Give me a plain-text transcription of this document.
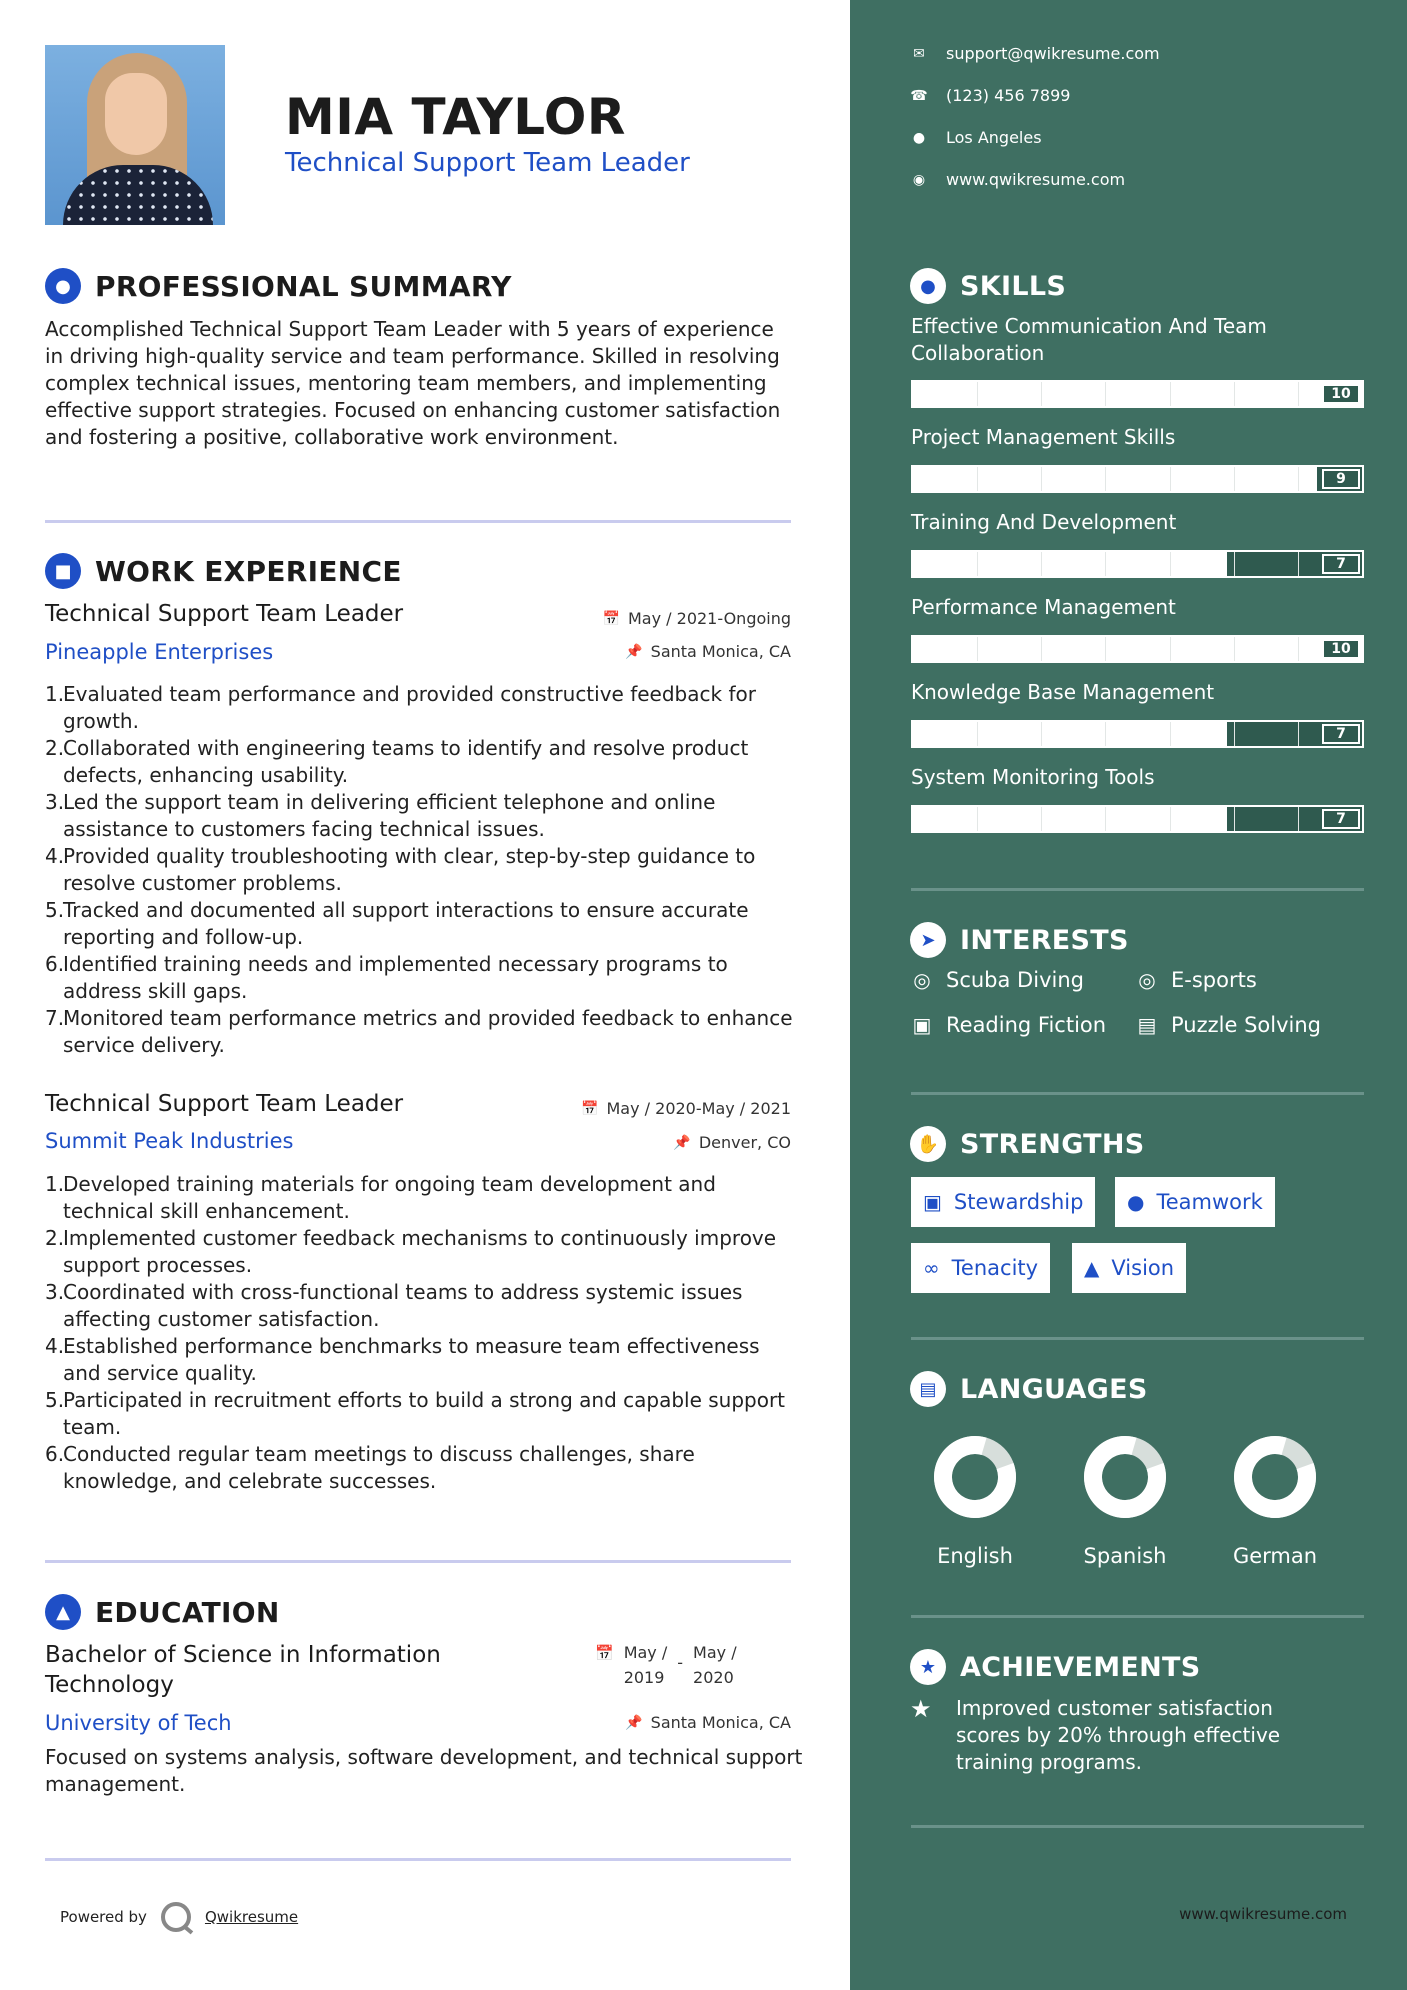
MIA TAYLOR
Technical Support Team Leader
● PROFESSIONAL SUMMARY
Accomplished Technical Support Team Leader with 5 years of experience in driving high-quality service and team performance. Skilled in resolving complex technical issues, mentoring team members, and implementing effective support strategies. Focused on enhancing customer satisfaction and fostering a positive, collaborative work environment.
■ WORK EXPERIENCE
Technical Support Team Leader	📅 May / 2021-Ongoing
Pineapple Enterprises	📌 Santa Monica, CA
Evaluated team performance and provided constructive feedback for growth.
Collaborated with engineering teams to identify and resolve product defects, enhancing usability.
Led the support team in delivering efficient telephone and online assistance to customers facing technical issues.
Provided quality troubleshooting with clear, step-by-step guidance to resolve customer problems.
Tracked and documented all support interactions to ensure accurate reporting and follow-up.
Identified training needs and implemented necessary programs to address skill gaps.
Monitored team performance metrics and provided feedback to enhance service delivery.
Technical Support Team Leader	📅 May / 2020-May / 2021
Summit Peak Industries	📌 Denver, CO
Developed training materials for ongoing team development and technical skill enhancement.
Implemented customer feedback mechanisms to continuously improve support processes.
Coordinated with cross-functional teams to address systemic issues affecting customer satisfaction.
Established performance benchmarks to measure team effectiveness and service quality.
Participated in recruitment efforts to build a strong and capable support team.
Conducted regular team meetings to discuss challenges, share knowledge, and celebrate successes.
▲ EDUCATION
Bachelor of Science in Information Technology
📅 May /
2019
-
May /
2020
University of Tech	📌 Santa Monica, CA
Focused on systems analysis, software development, and technical support management.
Powered by	Qwikresume
✉ support@qwikresume.com
☎ (123) 456 7899
● Los Angeles
◉ www.qwikresume.com
● SKILLS
Effective Communication And Team Collaboration
10
Project Management Skills
9
Training And Development
7
Performance Management
10
Knowledge Base Management
7
System Monitoring Tools
7
➤ INTERESTS
◎ Scuba Diving	◎ E-sports
▣ Reading Fiction ▤ Puzzle Solving
✋ STRENGTHS
▣ Stewardship ● Teamwork
∞ Tenacity ▲ Vision
▤ LANGUAGES
English	Spanish	German
★ ACHIEVEMENTS
★	Improved customer satisfaction scores by 20% through effective training programs.
www.qwikresume.com
